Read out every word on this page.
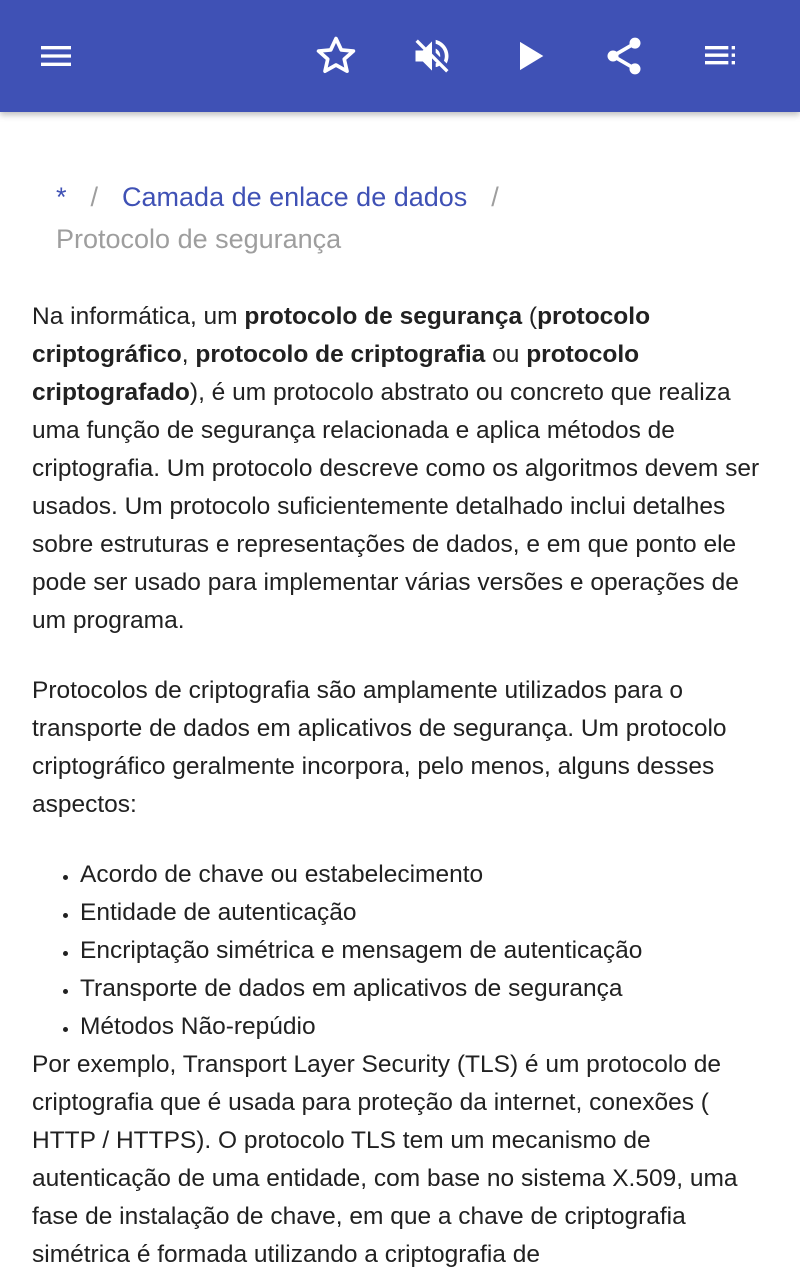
* / Camada de enlace de dados /
Protocolo de segurança

Na informática, um protocolo de segurança (protocolo criptográfico, protocolo de criptografia ou protocolo criptografado), é um protocolo abstrato ou concreto que realiza uma função de segurança relacionada e aplica métodos de criptografia. Um protocolo descreve como os algoritmos devem ser usados. Um protocolo suficientemente detalhado inclui detalhes sobre estruturas e representações de dados, e em que ponto ele pode ser usado para implementar várias versões e operações de um programa.

Protocolos de criptografia são amplamente utilizados para o transporte de dados em aplicativos de segurança. Um protocolo criptográfico geralmente incorpora, pelo menos, alguns desses aspectos:

• Acordo de chave ou estabelecimento
• Entidade de autenticação
• Encriptação simétrica e mensagem de autenticação
• Transporte de dados em aplicativos de segurança
• Métodos Não-repúdio

Por exemplo, Transport Layer Security (TLS) é um protocolo de criptografia que é usada para proteção da internet, conexões ( HTTP / HTTPS). O protocolo TLS tem um mecanismo de autenticação de uma entidade, com base no sistema X.509, uma fase de instalação de chave, em que a chave de criptografia simétrica é formada utilizando a criptografia de
